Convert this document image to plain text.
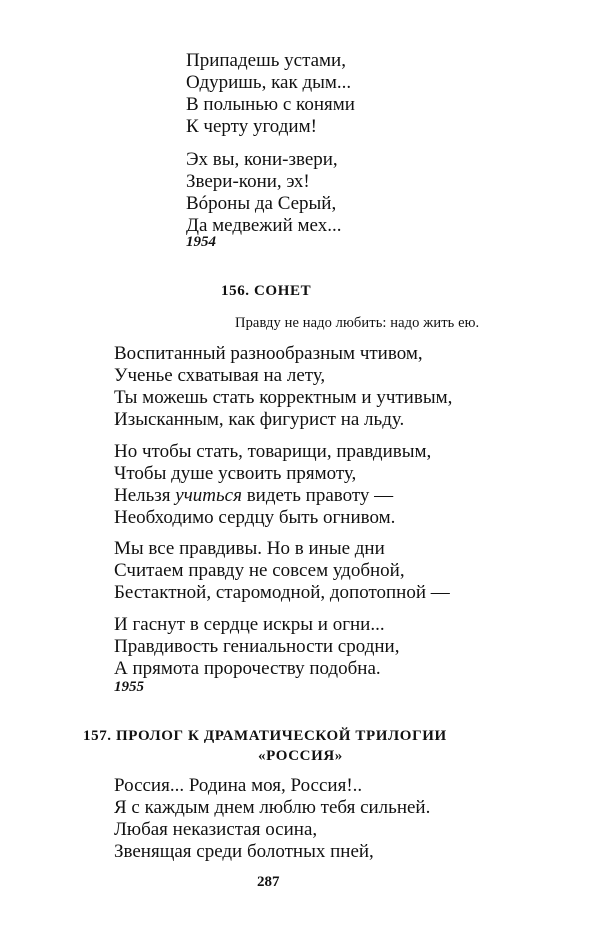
Припадешь устами,
Одуришь, как дым...
В полынью с конями
К черту угодим!
Эх вы, кони-звери,
Звери-кони, эх!
Вóроны да Серый,
Да медвежий мех...
1954
156. СОНЕТ
Правду не надо любить: надо жить ею.
Воспитанный разнообразным чтивом,
Ученье схватывая на лету,
Ты можешь стать корректным и учтивым,
Изысканным, как фигурист на льду.
Но чтобы стать, товарищи, правдивым,
Чтобы душе усвоить прямоту,
Нельзя учиться видеть правоту —
Необходимо сердцу быть огнивом.
Мы все правдивы. Но в иные дни
Считаем правду не совсем удобной,
Бестактной, старомодной, допотопной —
И гаснут в сердце искры и огни...
Правдивость гениальности сродни,
А прямота пророчеству подобна.
1955
157. ПРОЛОГ К ДРАМАТИЧЕСКОЙ ТРИЛОГИИ
«РОССИЯ»
Россия... Родина моя, Россия!..
Я с каждым днем люблю тебя сильней.
Любая неказистая осина,
Звенящая среди болотных пней,
287
